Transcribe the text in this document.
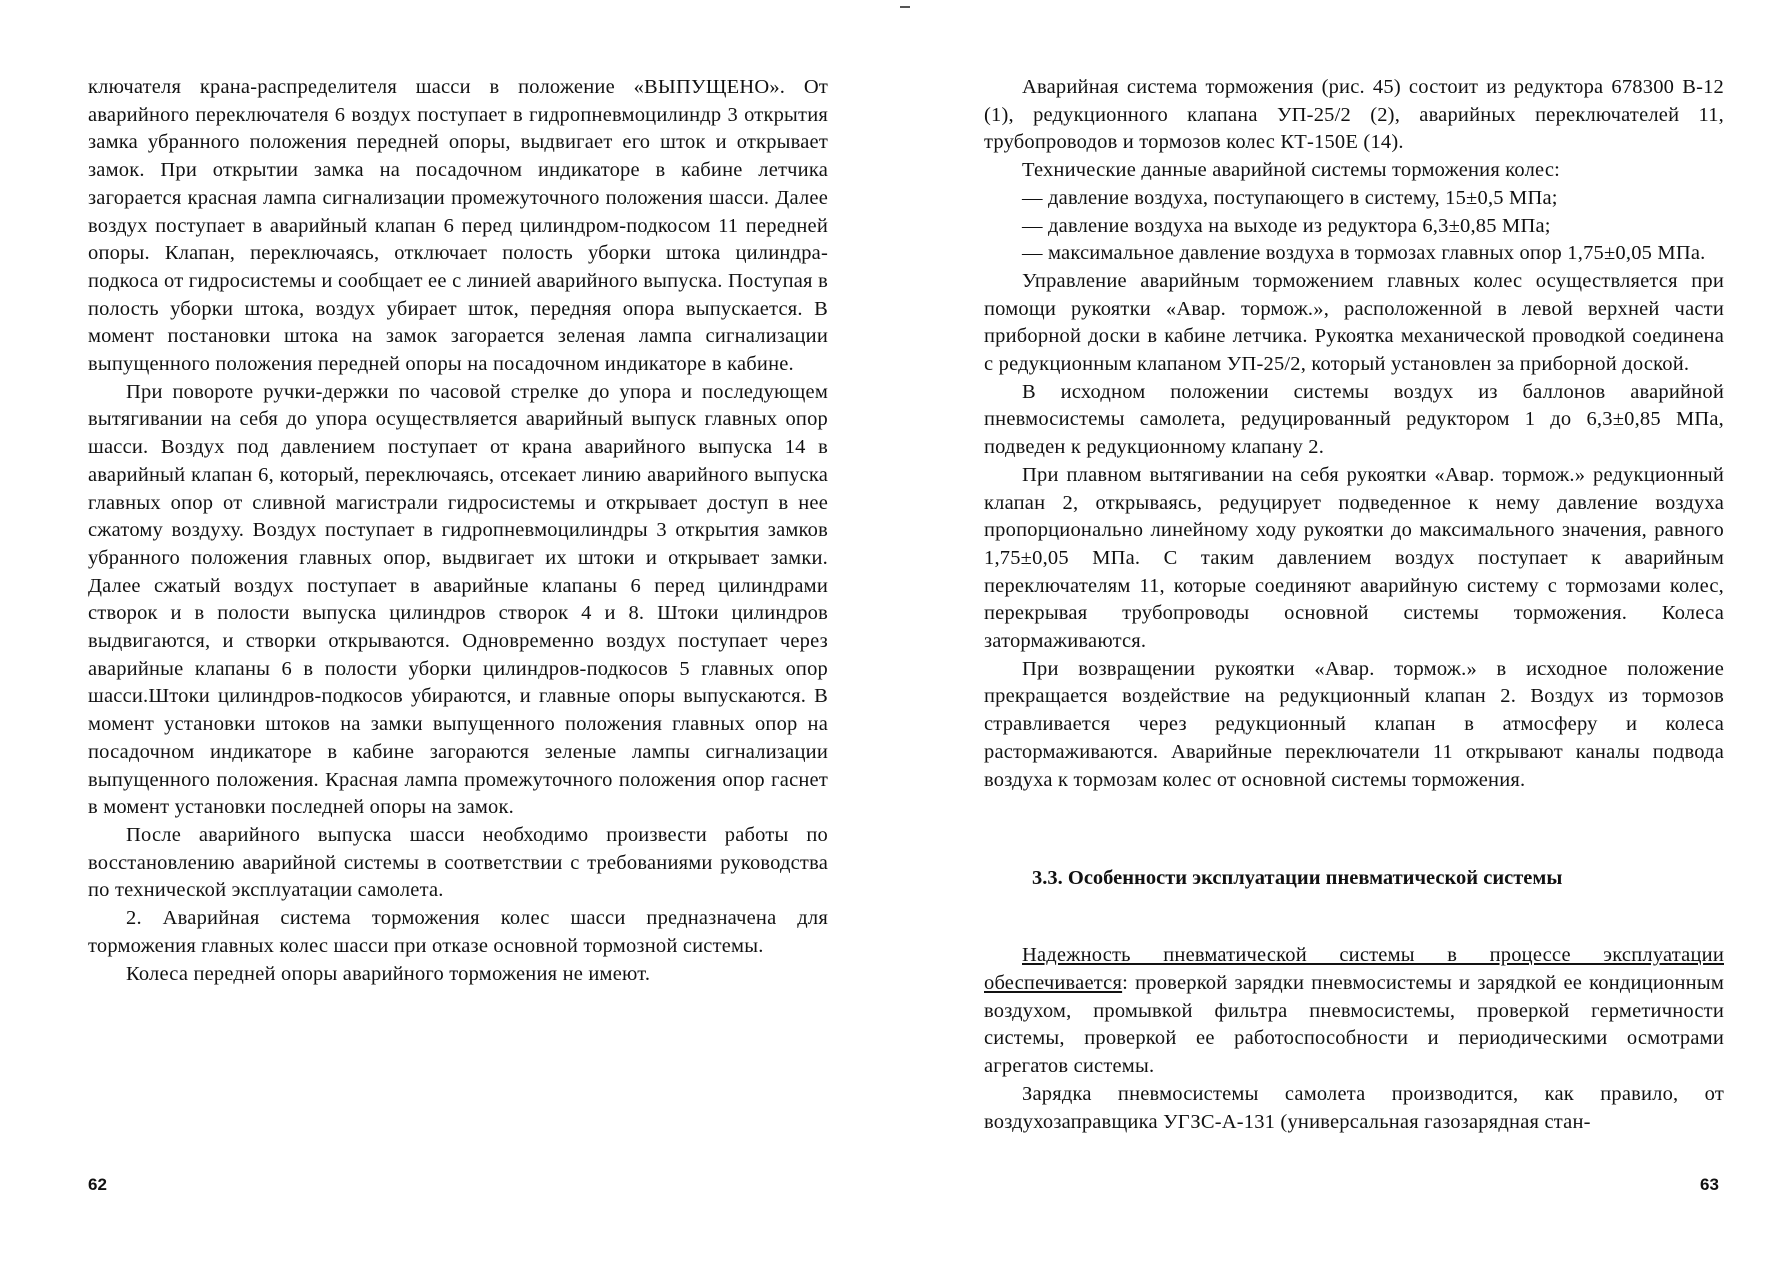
ключателя крана-распределителя шасси в положение «ВЫПУЩЕНО». От аварийного переключателя 6 воздух поступает в гидропневмоцилиндр 3 открытия замка убранного положения передней опоры, выдвигает его шток и открывает замок. При открытии замка на посадочном индикаторе в кабине летчика загорается красная лампа сигнализации промежуточного положения шасси. Далее воздух поступает в аварийный клапан 6 перед цилиндром-подкосом 11 передней опоры. Клапан, переключаясь, отключает полость уборки штока цилиндра-подкоса от гидросистемы и сообщает ее с линией аварийного выпуска. Поступая в полость уборки штока, воздух убирает шток, передняя опора выпускается. В момент постановки штока на замок загорается зеленая лампа сигнализации выпущенного положения передней опоры на посадочном индикаторе в кабине.

При повороте ручки-держки по часовой стрелке до упора и последующем вытягивании на себя до упора осуществляется аварийный выпуск главных опор шасси. Воздух под давлением поступает от крана аварийного выпуска 14 в аварийный клапан 6, который, переключаясь, отсекает линию аварийного выпуска главных опор от сливной магистрали гидросистемы и открывает доступ в нее сжатому воздуху. Воздух поступает в гидропневмоцилиндры 3 открытия замков убранного положения главных опор, выдвигает их штоки и открывает замки. Далее сжатый воздух поступает в аварийные клапаны 6 перед цилиндрами створок и в полости выпуска цилиндров створок 4 и 8. Штоки цилиндров выдвигаются, и створки открываются. Одновременно воздух поступает через аварийные клапаны 6 в полости уборки цилиндров-подкосов 5 главных опор шасси.Штоки цилиндров-подкосов убираются, и главные опоры выпускаются. В момент установки штоков на замки выпущенного положения главных опор на посадочном индикаторе в кабине загораются зеленые лампы сигнализации выпущенного положения. Красная лампа промежуточного положения опор гаснет в момент установки последней опоры на замок.

После аварийного выпуска шасси необходимо произвести работы по восстановлению аварийной системы в соответствии с требованиями руководства по технической эксплуатации самолета.

2. Аварийная система торможения колес шасси предназначена для торможения главных колес шасси при отказе основной тормозной системы.

Колеса передней опоры аварийного торможения не имеют.

62

Аварийная система торможения (рис. 45) состоит из редуктора 678300 В-12 (1), редукционного клапана УП-25/2 (2), аварийных переключателей 11, трубопроводов и тормозов колес КТ-150Е (14).

Технические данные аварийной системы торможения колес:

— давление воздуха, поступающего в систему, 15±0,5 МПа;

— давление воздуха на выходе из редуктора 6,3±0,85 МПа;

— максимальное давление воздуха в тормозах главных опор 1,75±0,05 МПа.

Управление аварийным торможением главных колес осуществляется при помощи рукоятки «Авар. тормож.», расположенной в левой верхней части приборной доски в кабине летчика. Рукоятка механической проводкой соединена с редукционным клапаном УП-25/2, который установлен за приборной доской.

В исходном положении системы воздух из баллонов аварийной пневмосистемы самолета, редуцированный редуктором 1 до 6,3±0,85 МПа, подведен к редукционному клапану 2.

При плавном вытягивании на себя рукоятки «Авар. тормож.» редукционный клапан 2, открываясь, редуцирует подведенное к нему давление воздуха пропорционально линейному ходу рукоятки до максимального значения, равного 1,75±0,05 МПа. С таким давлением воздух поступает к аварийным переключателям 11, которые соединяют аварийную систему с тормозами колес, перекрывая трубопроводы основной системы торможения. Колеса затормаживаются.

При возвращении рукоятки «Авар. тормож.» в исходное положение прекращается воздействие на редукционный клапан 2. Воздух из тормозов стравливается через редукционный клапан в атмосферу и колеса растормаживаются. Аварийные переключатели 11 открывают каналы подвода воздуха к тормозам колес от основной системы торможения.

3.3. Особенности эксплуатации пневматической системы

Надежность пневматической системы в процессе эксплуатации обеспечивается: проверкой зарядки пневмосистемы и зарядкой ее кондиционным воздухом, промывкой фильтра пневмосистемы, проверкой герметичности системы, проверкой ее работоспособности и периодическими осмотрами агрегатов системы.

Зарядка пневмосистемы самолета производится, как правило, от воздухозаправщика УГЗС-А-131 (универсальная газозарядная стан-

63
